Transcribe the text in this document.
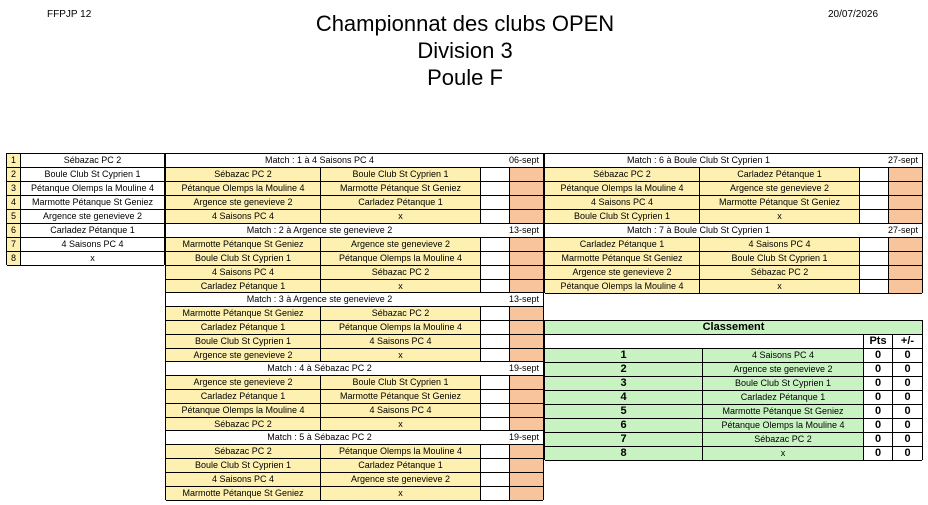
FFPJP 12	20/07/2026
Championnat des clubs OPEN
Division 3
Poule F
1	Sébazac PC 2
2	Boule Club St Cyprien 1
3	Pétanque Olemps la Mouline 4
4	Marmotte Pétanque St Geniez
5	Argence ste genevieve 2
6	Carladez Pétanque 1
7	4 Saisons PC 4
8	x
Match : 1 à 4 Saisons PC 4	06-sept
Sébazac PC 2	Boule Club St Cyprien 1
Pétanque Olemps la Mouline 4	Marmotte Pétanque St Geniez
Argence ste genevieve 2	Carladez Pétanque 1
4 Saisons PC 4	x
Match : 2 à Argence ste genevieve 2	13-sept
Marmotte Pétanque St Geniez	Argence ste genevieve 2
Boule Club St Cyprien 1	Pétanque Olemps la Mouline 4
4 Saisons PC 4	Sébazac PC 2
Carladez Pétanque 1	x
Match : 3 à Argence ste genevieve 2	13-sept
Marmotte Pétanque St Geniez	Sébazac PC 2
Carladez Pétanque 1	Pétanque Olemps la Mouline 4
Boule Club St Cyprien 1	4 Saisons PC 4
Argence ste genevieve 2	x
Match : 4 à Sébazac PC 2	19-sept
Argence ste genevieve 2	Boule Club St Cyprien 1
Carladez Pétanque 1	Marmotte Pétanque St Geniez
Pétanque Olemps la Mouline 4	4 Saisons PC 4
Sébazac PC 2	x
Match : 5 à Sébazac PC 2	19-sept
Sébazac PC 2	Pétanque Olemps la Mouline 4
Boule Club St Cyprien 1	Carladez Pétanque 1
4 Saisons PC 4	Argence ste genevieve 2
Marmotte Pétanque St Geniez	x
Match : 6 à Boule Club St Cyprien 1	27-sept
Sébazac PC 2	Carladez Pétanque 1
Pétanque Olemps la Mouline 4	Argence ste genevieve 2
4 Saisons PC 4	Marmotte Pétanque St Geniez
Boule Club St Cyprien 1	x
Match : 7 à Boule Club St Cyprien 1	27-sept
Carladez Pétanque 1	4 Saisons PC 4
Marmotte Pétanque St Geniez	Boule Club St Cyprien 1
Argence ste genevieve 2	Sébazac PC 2
Pétanque Olemps la Mouline 4	x
Classement
Pts	+/-
1	4 Saisons PC 4	0	0
2	Argence ste genevieve 2	0	0
3	Boule Club St Cyprien 1	0	0
4	Carladez Pétanque 1	0	0
5	Marmotte Pétanque St Geniez	0	0
6	Pétanque Olemps la Mouline 4	0	0
7	Sébazac PC 2	0	0
8	x	0	0
